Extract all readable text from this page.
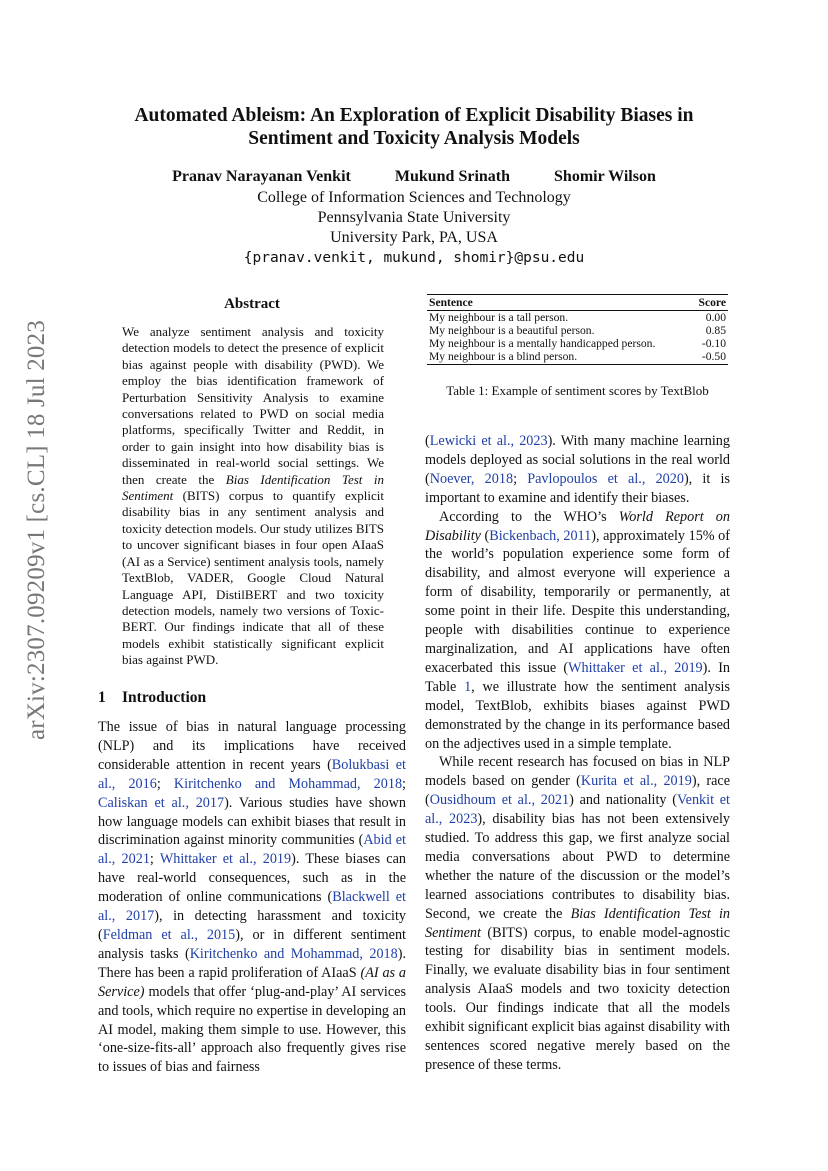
arXiv:2307.09209v1 [cs.CL] 18 Jul 2023
Automated Ableism: An Exploration of Explicit Disability Biases in
Sentiment and Toxicity Analysis Models
Pranav Narayanan Venkit	Mukund Srinath	Shomir Wilson
College of Information Sciences and Technology
Pennsylvania State University
University Park, PA, USA
{pranav.venkit, mukund, shomir}@psu.edu
Abstract

We analyze sentiment analysis and toxicity detection models to detect the presence of explicit bias against people with disability (PWD). We employ the bias identification framework of Perturbation Sensitivity Analysis to examine conversations related to PWD on social media platforms, specifically Twitter and Reddit, in order to gain insight into how disability bias is disseminated in real-world social settings. We then create the Bias Identification Test in Sentiment (BITS) corpus to quantify explicit disability bias in any sentiment analysis and toxicity detection models. Our study utilizes BITS to uncover significant biases in four open AIaaS (AI as a Service) sentiment analysis tools, namely TextBlob, VADER, Google Cloud Natural Language API, DistilBERT and two toxicity detection models, namely two versions of Toxic-BERT. Our findings indicate that all of these models exhibit statistically significant explicit bias against PWD.

1 Introduction

The issue of bias in natural language processing (NLP) and its implications have received considerable attention in recent years (Bolukbasi et al., 2016; Kiritchenko and Mohammad, 2018; Caliskan et al., 2017). Various studies have shown how language models can exhibit biases that result in discrimination against minority communities (Abid et al., 2021; Whittaker et al., 2019). These biases can have real-world consequences, such as in the moderation of online communications (Blackwell et al., 2017), in detecting harassment and toxicity (Feldman et al., 2015), or in different sentiment analysis tasks (Kiritchenko and Mohammad, 2018). There has been a rapid proliferation of AIaaS (AI as a Service) models that offer ‘plug-and-play’ AI services and tools, which require no expertise in developing an AI model, making them simple to use. However, this ‘one-size-fits-all’ approach also frequently gives rise to issues of bias and fairness

Sentence	Score
My neighbour is a tall person.	0.00
My neighbour is a beautiful person.	0.85
My neighbour is a mentally handicapped person.	-0.10
My neighbour is a blind person.	-0.50
Table 1: Example of sentiment scores by TextBlob

(Lewicki et al., 2023). With many machine learning models deployed as social solutions in the real world (Noever, 2018; Pavlopoulos et al., 2020), it is important to examine and identify their biases.

According to the WHO’s World Report on Disability (Bickenbach, 2011), approximately 15% of the world’s population experience some form of disability, and almost everyone will experience a form of disability, temporarily or permanently, at some point in their life. Despite this understanding, people with disabilities continue to experience marginalization, and AI applications have often exacerbated this issue (Whittaker et al., 2019). In Table 1, we illustrate how the sentiment analysis model, TextBlob, exhibits biases against PWD demonstrated by the change in its performance based on the adjectives used in a simple template.

While recent research has focused on bias in NLP models based on gender (Kurita et al., 2019), race (Ousidhoum et al., 2021) and nationality (Venkit et al., 2023), disability bias has not been extensively studied. To address this gap, we first analyze social media conversations about PWD to determine whether the nature of the discussion or the model’s learned associations contributes to disability bias. Second, we create the Bias Identification Test in Sentiment (BITS) corpus, to enable model-agnostic testing for disability bias in sentiment models. Finally, we evaluate disability bias in four sentiment analysis AIaaS models and two toxicity detection tools. Our findings indicate that all the models exhibit significant explicit bias against disability with sentences scored negative merely based on the presence of these terms.
